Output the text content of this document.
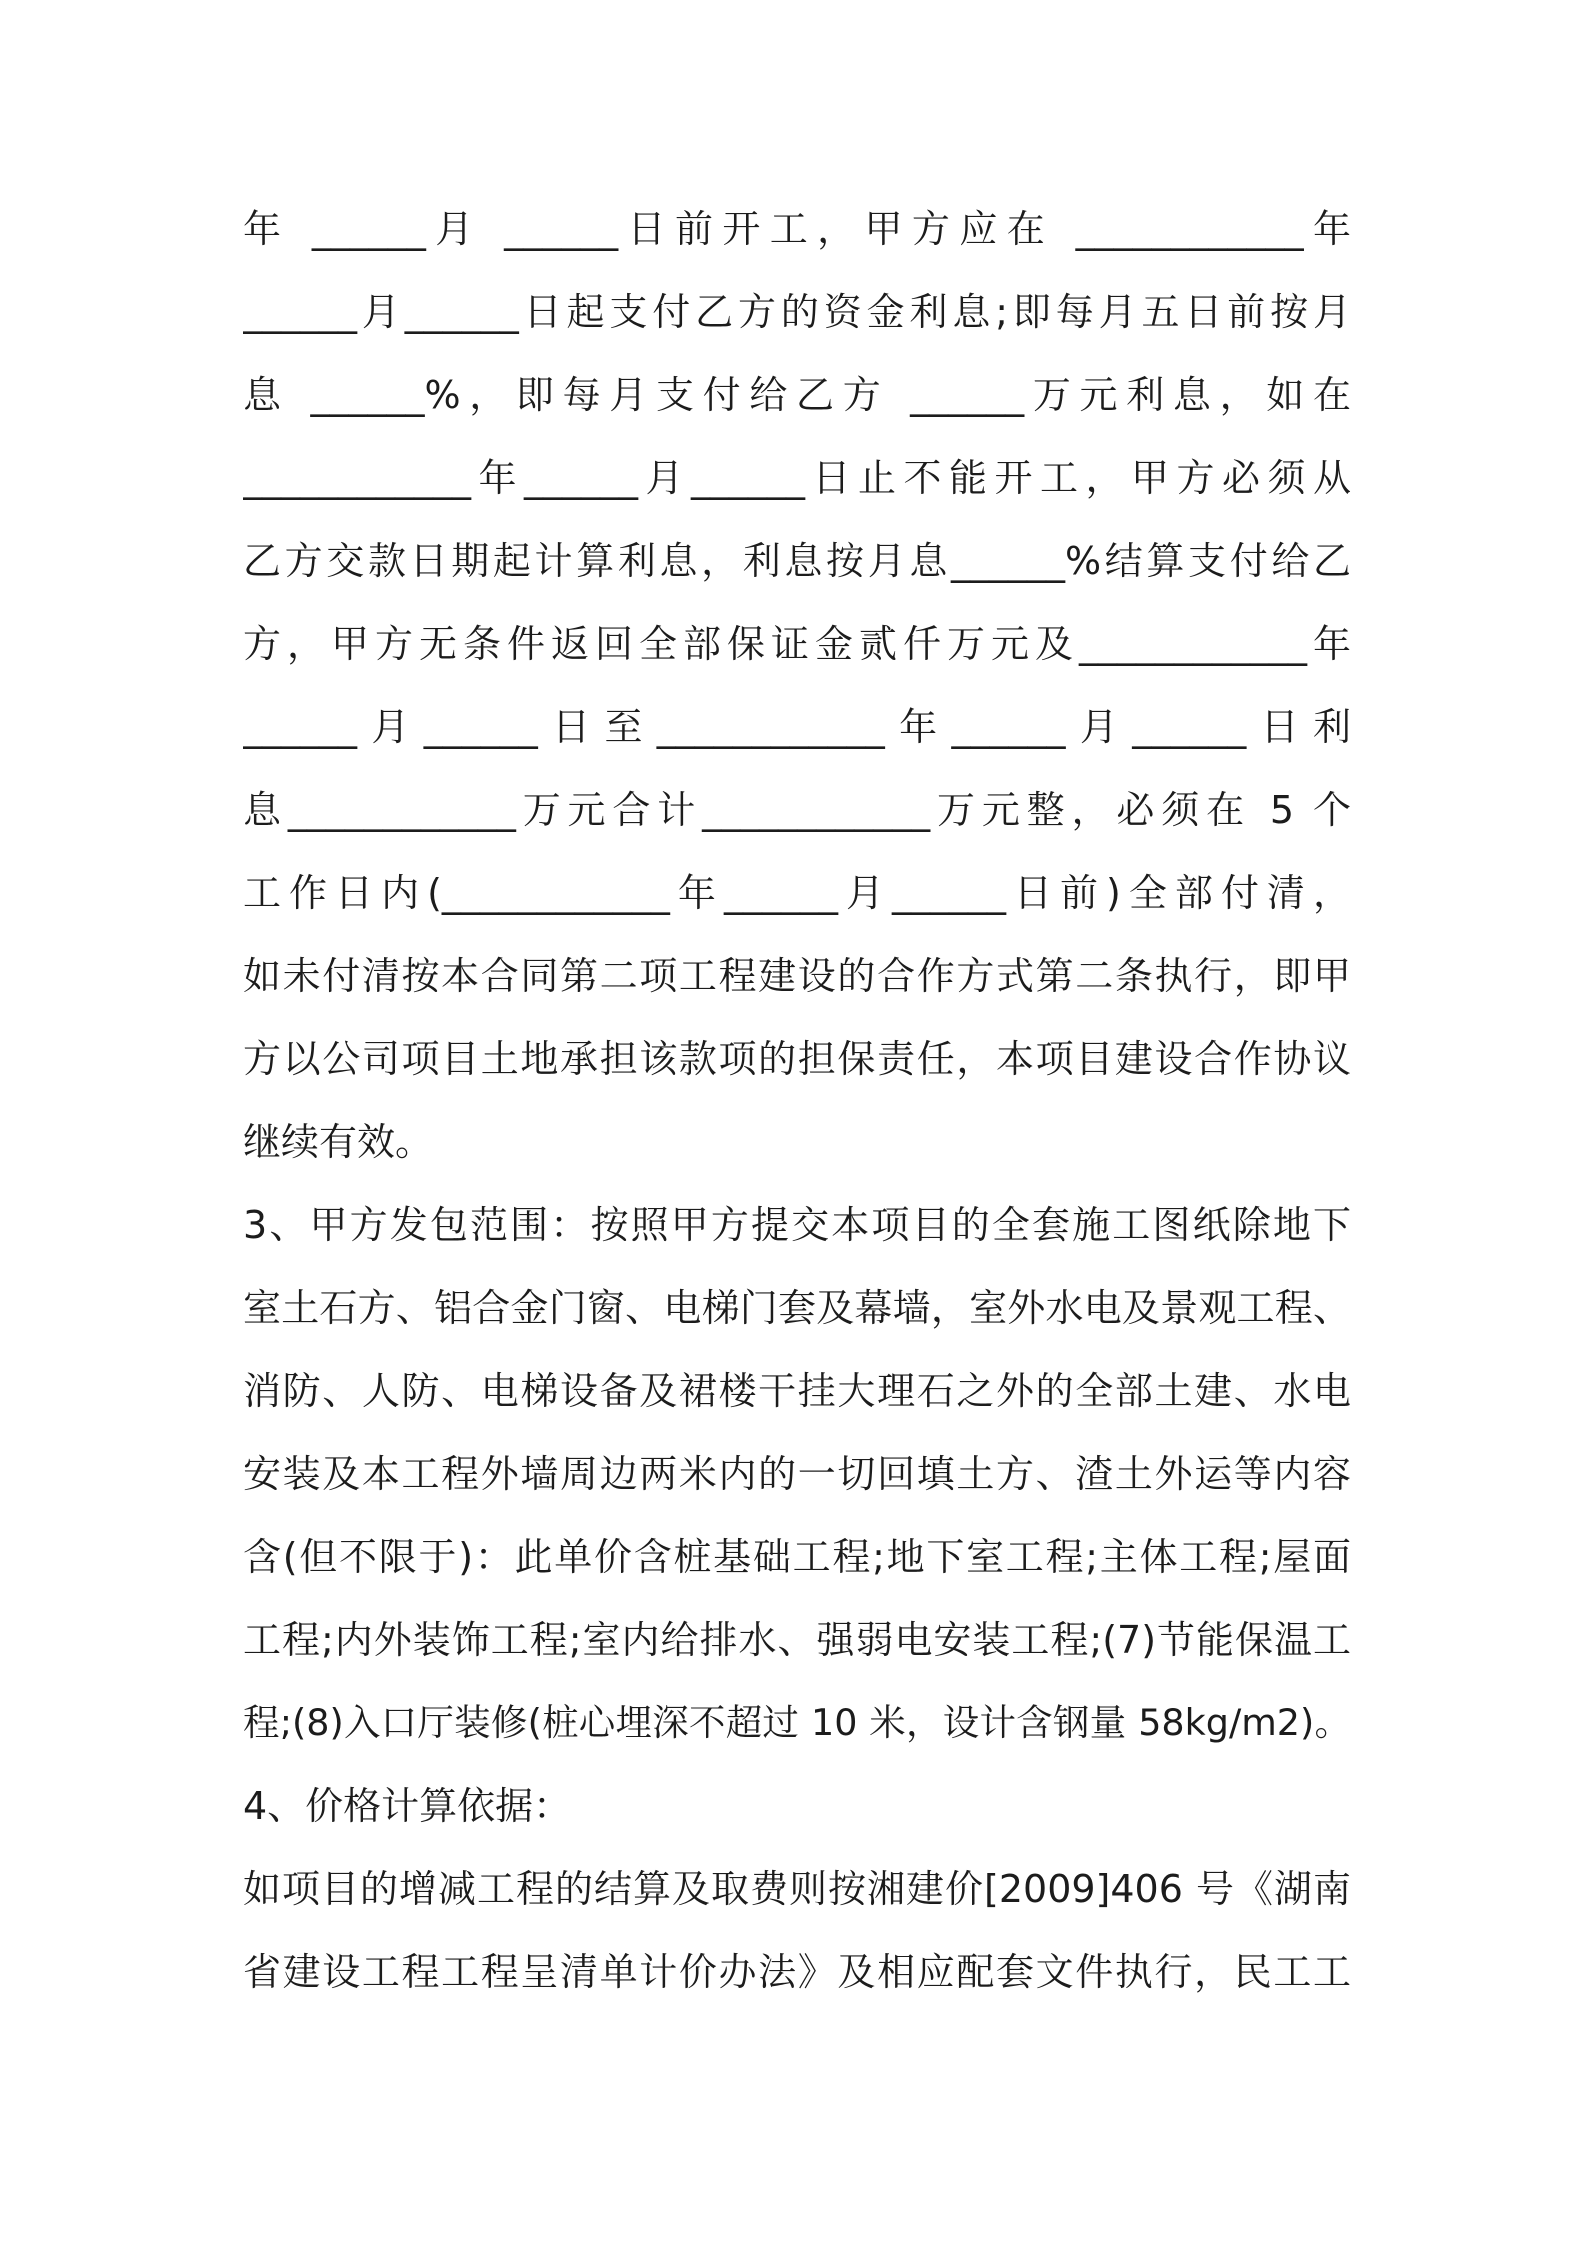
年 ______月 ______日前开工，甲方应在 ____________年
______月______日起支付乙方的资金利息;即每月五日前按月
息 ______%，即每月支付给乙方 ______万元利息，如在
____________年______月______日止不能开工，甲方必须从
乙方交款日期起计算利息，利息按月息______%结算支付给乙
方，甲方无条件返回全部保证金贰仟万元及____________年
______月______日至____________年______月______日利
息____________万元合计____________万元整，必须在 5 个
工作日内(____________年______月______日前)全部付清，
如未付清按本合同第二项工程建设的合作方式第二条执行，即甲
方以公司项目土地承担该款项的担保责任，本项目建设合作协议
继续有效。
3、甲方发包范围：按照甲方提交本项目的全套施工图纸除地下
室土石方、铝合金门窗、电梯门套及幕墙，室外水电及景观工程、
消防、人防、电梯设备及裙楼干挂大理石之外的全部土建、水电
安装及本工程外墙周边两米内的一切回填土方、渣土外运等内容
含(但不限于)：此单价含桩基础工程;地下室工程;主体工程;屋面
工程;内外装饰工程;室内给排水、强弱电安装工程;(7)节能保温工
程;(8)入口厅装修(桩心埋深不超过 10 米，设计含钢量 58kg/m2)。
4、价格计算依据：
如项目的增减工程的结算及取费则按湘建价[2009]406 号《湖南
省建设工程工程呈清单计价办法》及相应配套文件执行，民工工
